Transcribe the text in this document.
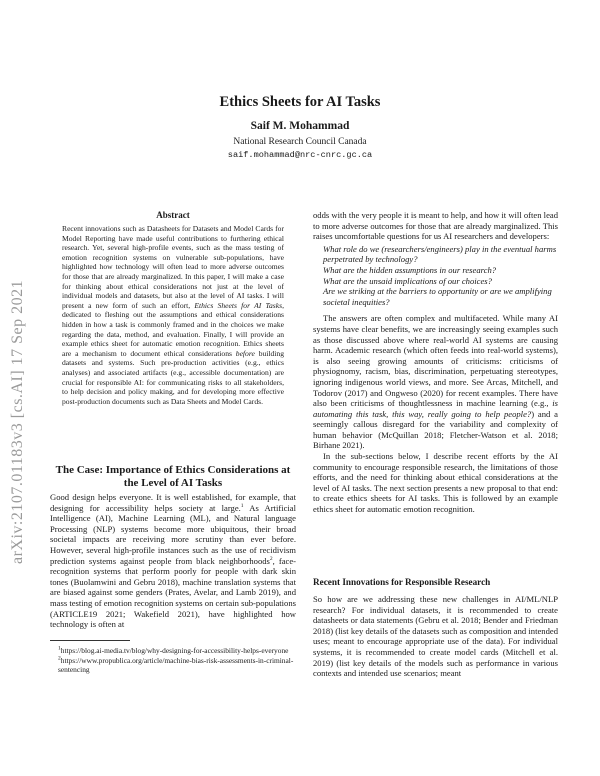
arXiv:2107.01183v3 [cs.AI] 17 Sep 2021
Ethics Sheets for AI Tasks
Saif M. Mohammad
National Research Council Canada
saif.mohammad@nrc-cnrc.gc.ca
Abstract

Recent innovations such as Datasheets for Datasets and Model Cards for Model Reporting have made useful contributions to furthering ethical research. Yet, several high-profile events, such as the mass testing of emotion recognition systems on vulnerable sub-populations, have highlighted how technology will often lead to more adverse outcomes for those that are already marginalized. In this paper, I will make a case for thinking about ethical considerations not just at the level of individual models and datasets, but also at the level of AI tasks. I will present a new form of such an effort, Ethics Sheets for AI Tasks, dedicated to fleshing out the assumptions and ethical considerations hidden in how a task is commonly framed and in the choices we make regarding the data, method, and evaluation. Finally, I will provide an example ethics sheet for automatic emotion recognition. Ethics sheets are a mechanism to document ethical considerations before building datasets and systems. Such pre-production activities (e.g., ethics analyses) and associated artifacts (e.g., accessible documentation) are crucial for responsible AI: for communicating risks to all stakeholders, to help decision and policy making, and for developing more effective post-production documents such as Data Sheets and Model Cards.

The Case: Importance of Ethics Considerations at the Level of AI Tasks

Good design helps everyone. It is well established, for example, that designing for accessibility helps society at large.$^1$ As Artificial Intelligence (AI), Machine Learning (ML), and Natural language Processing (NLP) systems become more ubiquitous, their broad societal impacts are receiving more scrutiny than ever before. However, several high-profile instances such as the use of recidivism prediction systems against people from black neighborhoods$^2$, face-recognition systems that perform poorly for people with dark skin tones (Buolamwini and Gebru 2018), machine translation systems that are biased against some genders (Prates, Avelar, and Lamb 2019), and mass testing of emotion recognition systems on certain sub-populations (ARTICLE19 2021; Wakefield 2021), have highlighted how technology is often at

$^1$https://blog.ai-media.tv/blog/why-designing-for-accessibility-helps-everyone

$^2$https://www.propublica.org/article/machine-bias-risk-assessments-in-criminal-sentencing

odds with the very people it is meant to help, and how it will often lead to more adverse outcomes for those that are already marginalized. This raises uncomfortable questions for us AI researchers and developers:

What role do we (researchers/engineers) play in the eventual harms perpetrated by technology?
What are the hidden assumptions in our research?
What are the unsaid implications of our choices?
Are we striking at the barriers to opportunity or are we amplifying societal inequities?

The answers are often complex and multifaceted. While many AI systems have clear benefits, we are increasingly seeing examples such as those discussed above where real-world AI systems are causing harm. Academic research (which often feeds into real-world systems), is also seeing growing amounts of criticisms: criticisms of physiognomy, racism, bias, discrimination, perpetuating stereotypes, ignoring indigenous world views, and more. See Arcas, Mitchell, and Todorov (2017) and Ongweso (2020) for recent examples. There have also been criticisms of thoughtlessness in machine learning (e.g., is automating this task, this way, really going to help people?) and a seemingly callous disregard for the variability and complexity of human behavior (McQuillan 2018; Fletcher-Watson et al. 2018; Birhane 2021).

In the sub-sections below, I describe recent efforts by the AI community to encourage responsible research, the limitations of those efforts, and the need for thinking about ethical considerations at the level of AI tasks. The next section presents a new proposal to that end: to create ethics sheets for AI tasks. This is followed by an example ethics sheet for automatic emotion recognition.

Recent Innovations for Responsible Research

So how are we addressing these new challenges in AI/ML/NLP research? For individual datasets, it is recommended to create datasheets or data statements (Gebru et al. 2018; Bender and Friedman 2018) (list key details of the datasets such as composition and intended uses; meant to encourage appropriate use of the data). For individual systems, it is recommended to create model cards (Mitchell et al. 2019) (list key details of the models such as performance in various contexts and intended use scenarios; meant
